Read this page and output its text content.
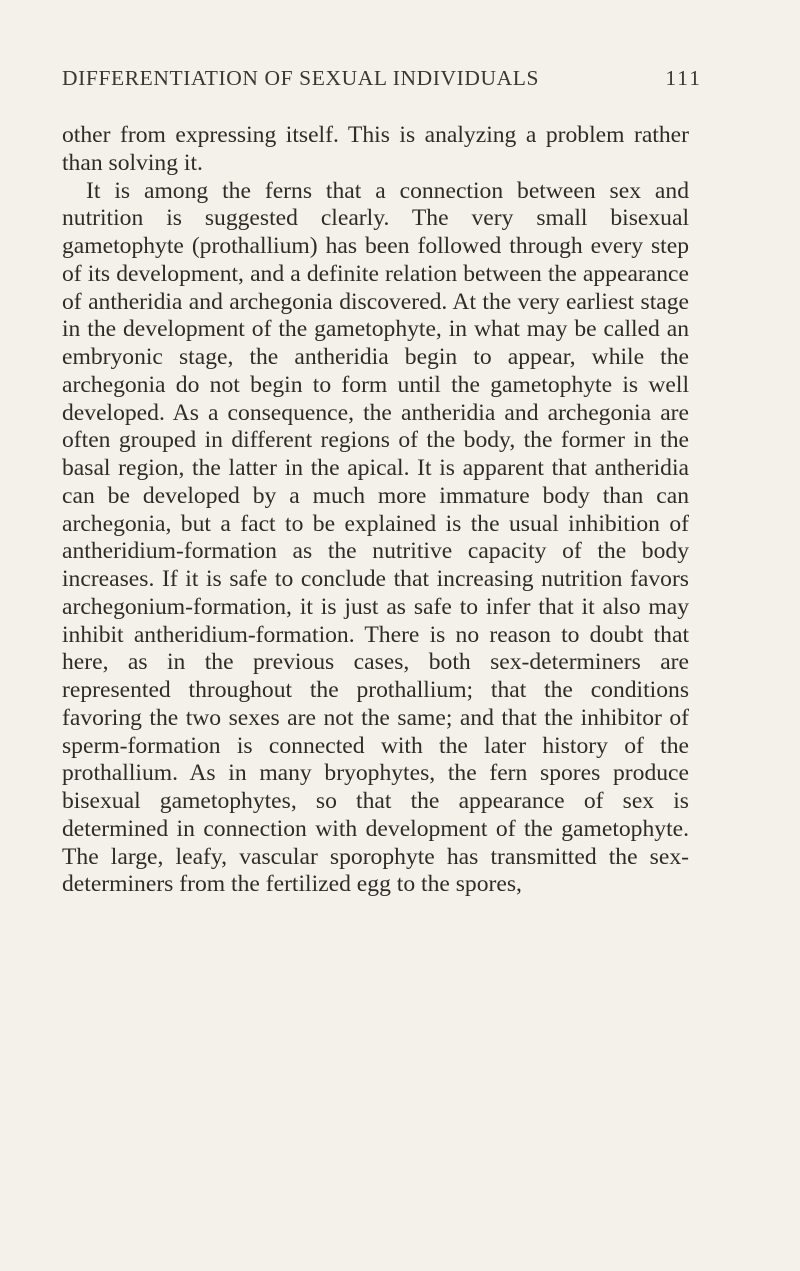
DIFFERENTIATION OF SEXUAL INDIVIDUALS	111

other from expressing itself. This is analyzing a problem rather than solving it.

It is among the ferns that a connection between sex and nutrition is suggested clearly. The very small bisexual gametophyte (prothallium) has been followed through every step of its development, and a definite relation between the appearance of antheridia and archegonia discovered. At the very earliest stage in the development of the gametophyte, in what may be called an embryonic stage, the antheridia begin to appear, while the archegonia do not begin to form until the gametophyte is well developed. As a consequence, the antheridia and archegonia are often grouped in different regions of the body, the former in the basal region, the latter in the apical. It is apparent that antheridia can be developed by a much more immature body than can archegonia, but a fact to be explained is the usual inhibition of antheridium-formation as the nutritive capacity of the body increases. If it is safe to conclude that increasing nutrition favors archegonium-formation, it is just as safe to infer that it also may inhibit antheridium-formation. There is no reason to doubt that here, as in the previous cases, both sex-determiners are represented throughout the prothallium; that the conditions favoring the two sexes are not the same; and that the inhibitor of sperm-formation is connected with the later history of the prothallium. As in many bryophytes, the fern spores produce bisexual gametophytes, so that the appearance of sex is determined in connection with development of the gametophyte. The large, leafy, vascular sporophyte has transmitted the sex-determiners from the fertilized egg to the spores,
